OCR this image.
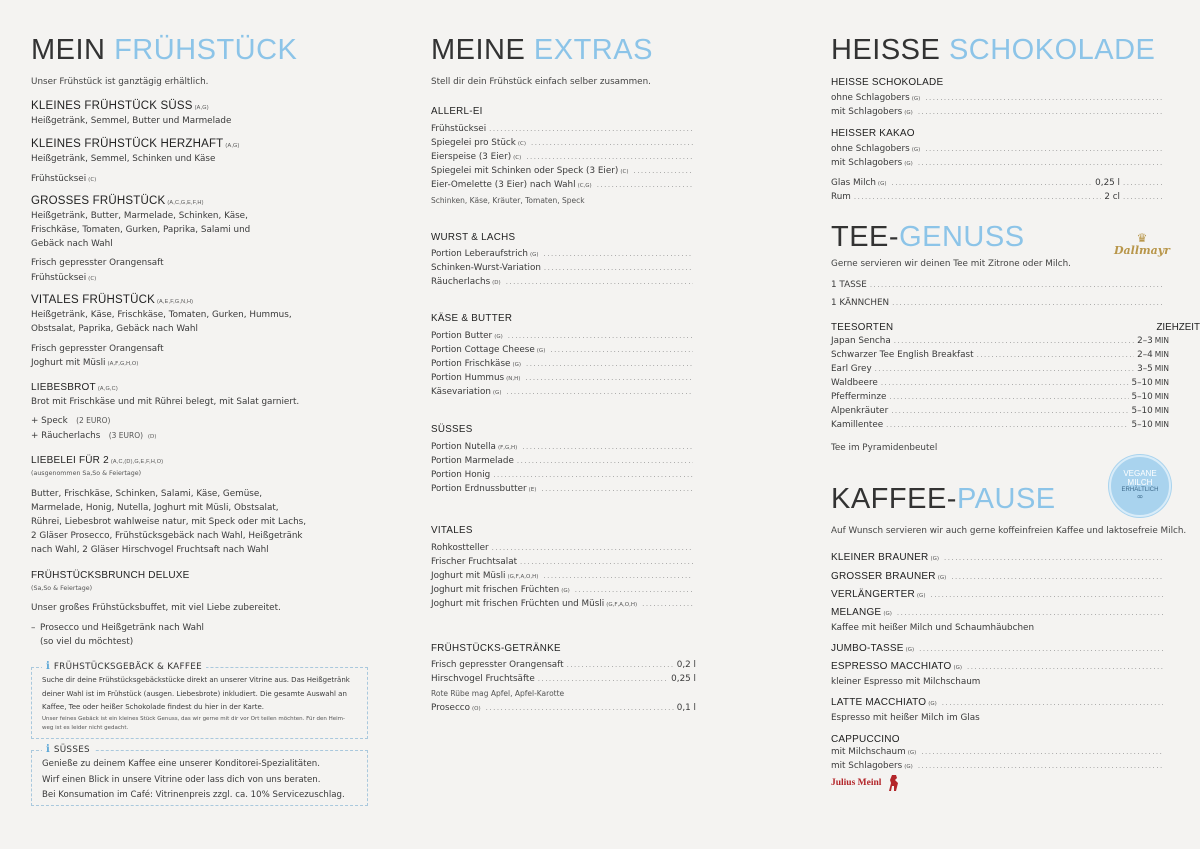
MEIN FRÜHSTÜCK
Unser Frühstück ist ganztägig erhältlich.
KLEINES FRÜHSTÜCK SÜSS (A,G)
Heißgetränk, Semmel, Butter und Marmelade
KLEINES FRÜHSTÜCK HERZHAFT (A,G)
Heißgetränk, Semmel, Schinken und Käse
Frühstücksei (C)
GROSSES FRÜHSTÜCK (A,C,G,E,F,H)
Heißgetränk, Butter, Marmelade, Schinken, Käse,
Frischkäse, Tomaten, Gurken, Paprika, Salami und
Gebäck nach Wahl
Frisch gepresster Orangensaft
Frühstücksei (C)
VITALES FRÜHSTÜCK (A,E,F,G,N,H)
Heißgetränk, Käse, Frischkäse, Tomaten, Gurken, Hummus,
Obstsalat, Paprika, Gebäck nach Wahl
Frisch gepresster Orangensaft
Joghurt mit Müsli (A,F,G,H,O)
LIEBESBROT (A,G,C)
Brot mit Frischkäse und mit Rührei belegt, mit Salat garniert.
+ Speck (2 EURO)
+ Räucherlachs (3 EURO) (D)
LIEBELEI FÜR 2 (A,C,(D),G,E,F,H,O)
(ausgenommen Sa,So & Feiertage)
Butter, Frischkäse, Schinken, Salami, Käse, Gemüse,
Marmelade, Honig, Nutella, Joghurt mit Müsli, Obstsalat,
Rührei, Liebesbrot wahlweise natur, mit Speck oder mit Lachs,
2 Gläser Prosecco, Frühstücksgebäck nach Wahl, Heißgetränk
nach Wahl, 2 Gläser Hirschvogel Fruchtsaft nach Wahl
FRÜHSTÜCKSBRUNCH DELUXE
(Sa,So & Feiertage)
Unser großes Frühstücksbuffet, mit viel Liebe zubereitet.
– Prosecco und Heißgetränk nach Wahl
(so viel du möchtest)
i FRÜHSTÜCKSGEBÄCK & KAFFEE
Suche dir deine Frühstücksgebäckstücke direkt an unserer Vitrine aus. Das Heißgetränk
deiner Wahl ist im Frühstück (ausgen. Liebesbrote) inkludiert. Die gesamte Auswahl an
Kaffee, Tee oder heißer Schokolade findest du hier in der Karte.
Unser feines Gebäck ist ein kleines Stück Genuss, das wir gerne mit dir vor Ort teilen möchten. Für den Heim-
weg ist es leider nicht gedacht.
i SÜSSES
Genieße zu deinem Kaffee eine unserer Konditorei-Spezialitäten.
Wirf einen Blick in unsere Vitrine oder lass dich von uns beraten.
Bei Konsumation im Café: Vitrinenpreis zzgl. ca. 10% Servicezuschlag.
MEINE EXTRAS
Stell dir dein Frühstück einfach selber zusammen.
ALLERL-EI
Frühstücksei
.....
Spiegelei pro Stück (C)
.....
Eierspeise (3 Eier) (C)
.....
Spiegelei mit Schinken oder Speck (3 Eier) (C)
.....
Eier-Omelette (3 Eier) nach Wahl (C,G)
.....
Schinken, Käse, Kräuter, Tomaten, Speck
WURST & LACHS
Portion Leberaufstrich (G)
.....
Schinken-Wurst-Variation
.....
Räucherlachs (D)
.....
KÄSE & BUTTER
Portion Butter (G)
.....
Portion Cottage Cheese (G)
.....
Portion Frischkäse (G)
.....
Portion Hummus (N,H)
.....
Käsevariation (G)
.....
SÜSSES
Portion Nutella (F,G,H)
.....
Portion Marmelade
.....
Portion Honig
.....
Portion Erdnussbutter (E)
.....
VITALES
Rohkostteller
.....
Frischer Fruchtsalat
.....
Joghurt mit Müsli (G,F,A,O,H)
.....
Joghurt mit frischen Früchten (G)
.....
Joghurt mit frischen Früchten und Müsli (G,F,A,O,H)
.....
FRÜHSTÜCKS-GETRÄNKE
Frisch gepresster Orangensaft .....	0,2 l
Hirschvogel Fruchtsäfte .....	0,25 l
Rote Rübe mag Apfel, Apfel-Karotte
Prosecco (O) .....	0,1 l
HEISSE SCHOKOLADE
HEISSE SCHOKOLADE
ohne Schlagobers (G)
.....
mit Schlagobers (G)
.....
HEISSER KAKAO
ohne Schlagobers (G)
.....
mit Schlagobers (G)
.....
Glas Milch (G) .....	0,25 l
.....
Rum .....	2 cl
.....
TEE-GENUSS	♛
Dallmayr
Gerne servieren wir deinen Tee mit Zitrone oder Milch.
1 TASSE
.....
1 KÄNNCHEN
.....
TEESORTEN	ZIEHZEIT
Japan Sencha .....	2–3 MIN
Schwarzer Tee English Breakfast .....	2–4 MIN
Earl Grey .....	3–5 MIN
Waldbeere .....	5–10 MIN
Pfefferminze .....	5–10 MIN
Alpenkräuter .....	5–10 MIN
Kamillentee .....	5–10 MIN
Tee im Pyramidenbeutel
VEGANE
MILCH
ERHÄLTLICH
∞
KAFFEE-PAUSE
Auf Wunsch servieren wir auch gerne koffeinfreien Kaffee und laktosefreie Milch.
KLEINER BRAUNER (G)
.....
GROSSER BRAUNER (G)
.....
VERLÄNGERTER (G)
.....
MELANGE (G)
.....
Kaffee mit heißer Milch und Schaumhäubchen
JUMBO-TASSE (G)
.....
ESPRESSO MACCHIATO (G)
.....
kleiner Espresso mit Milchschaum
LATTE MACCHIATO (G)
.....
Espresso mit heißer Milch im Glas
CAPPUCCINO
mit Milchschaum (G)
.....
mit Schlagobers (G)
.....
Julius Meinl
